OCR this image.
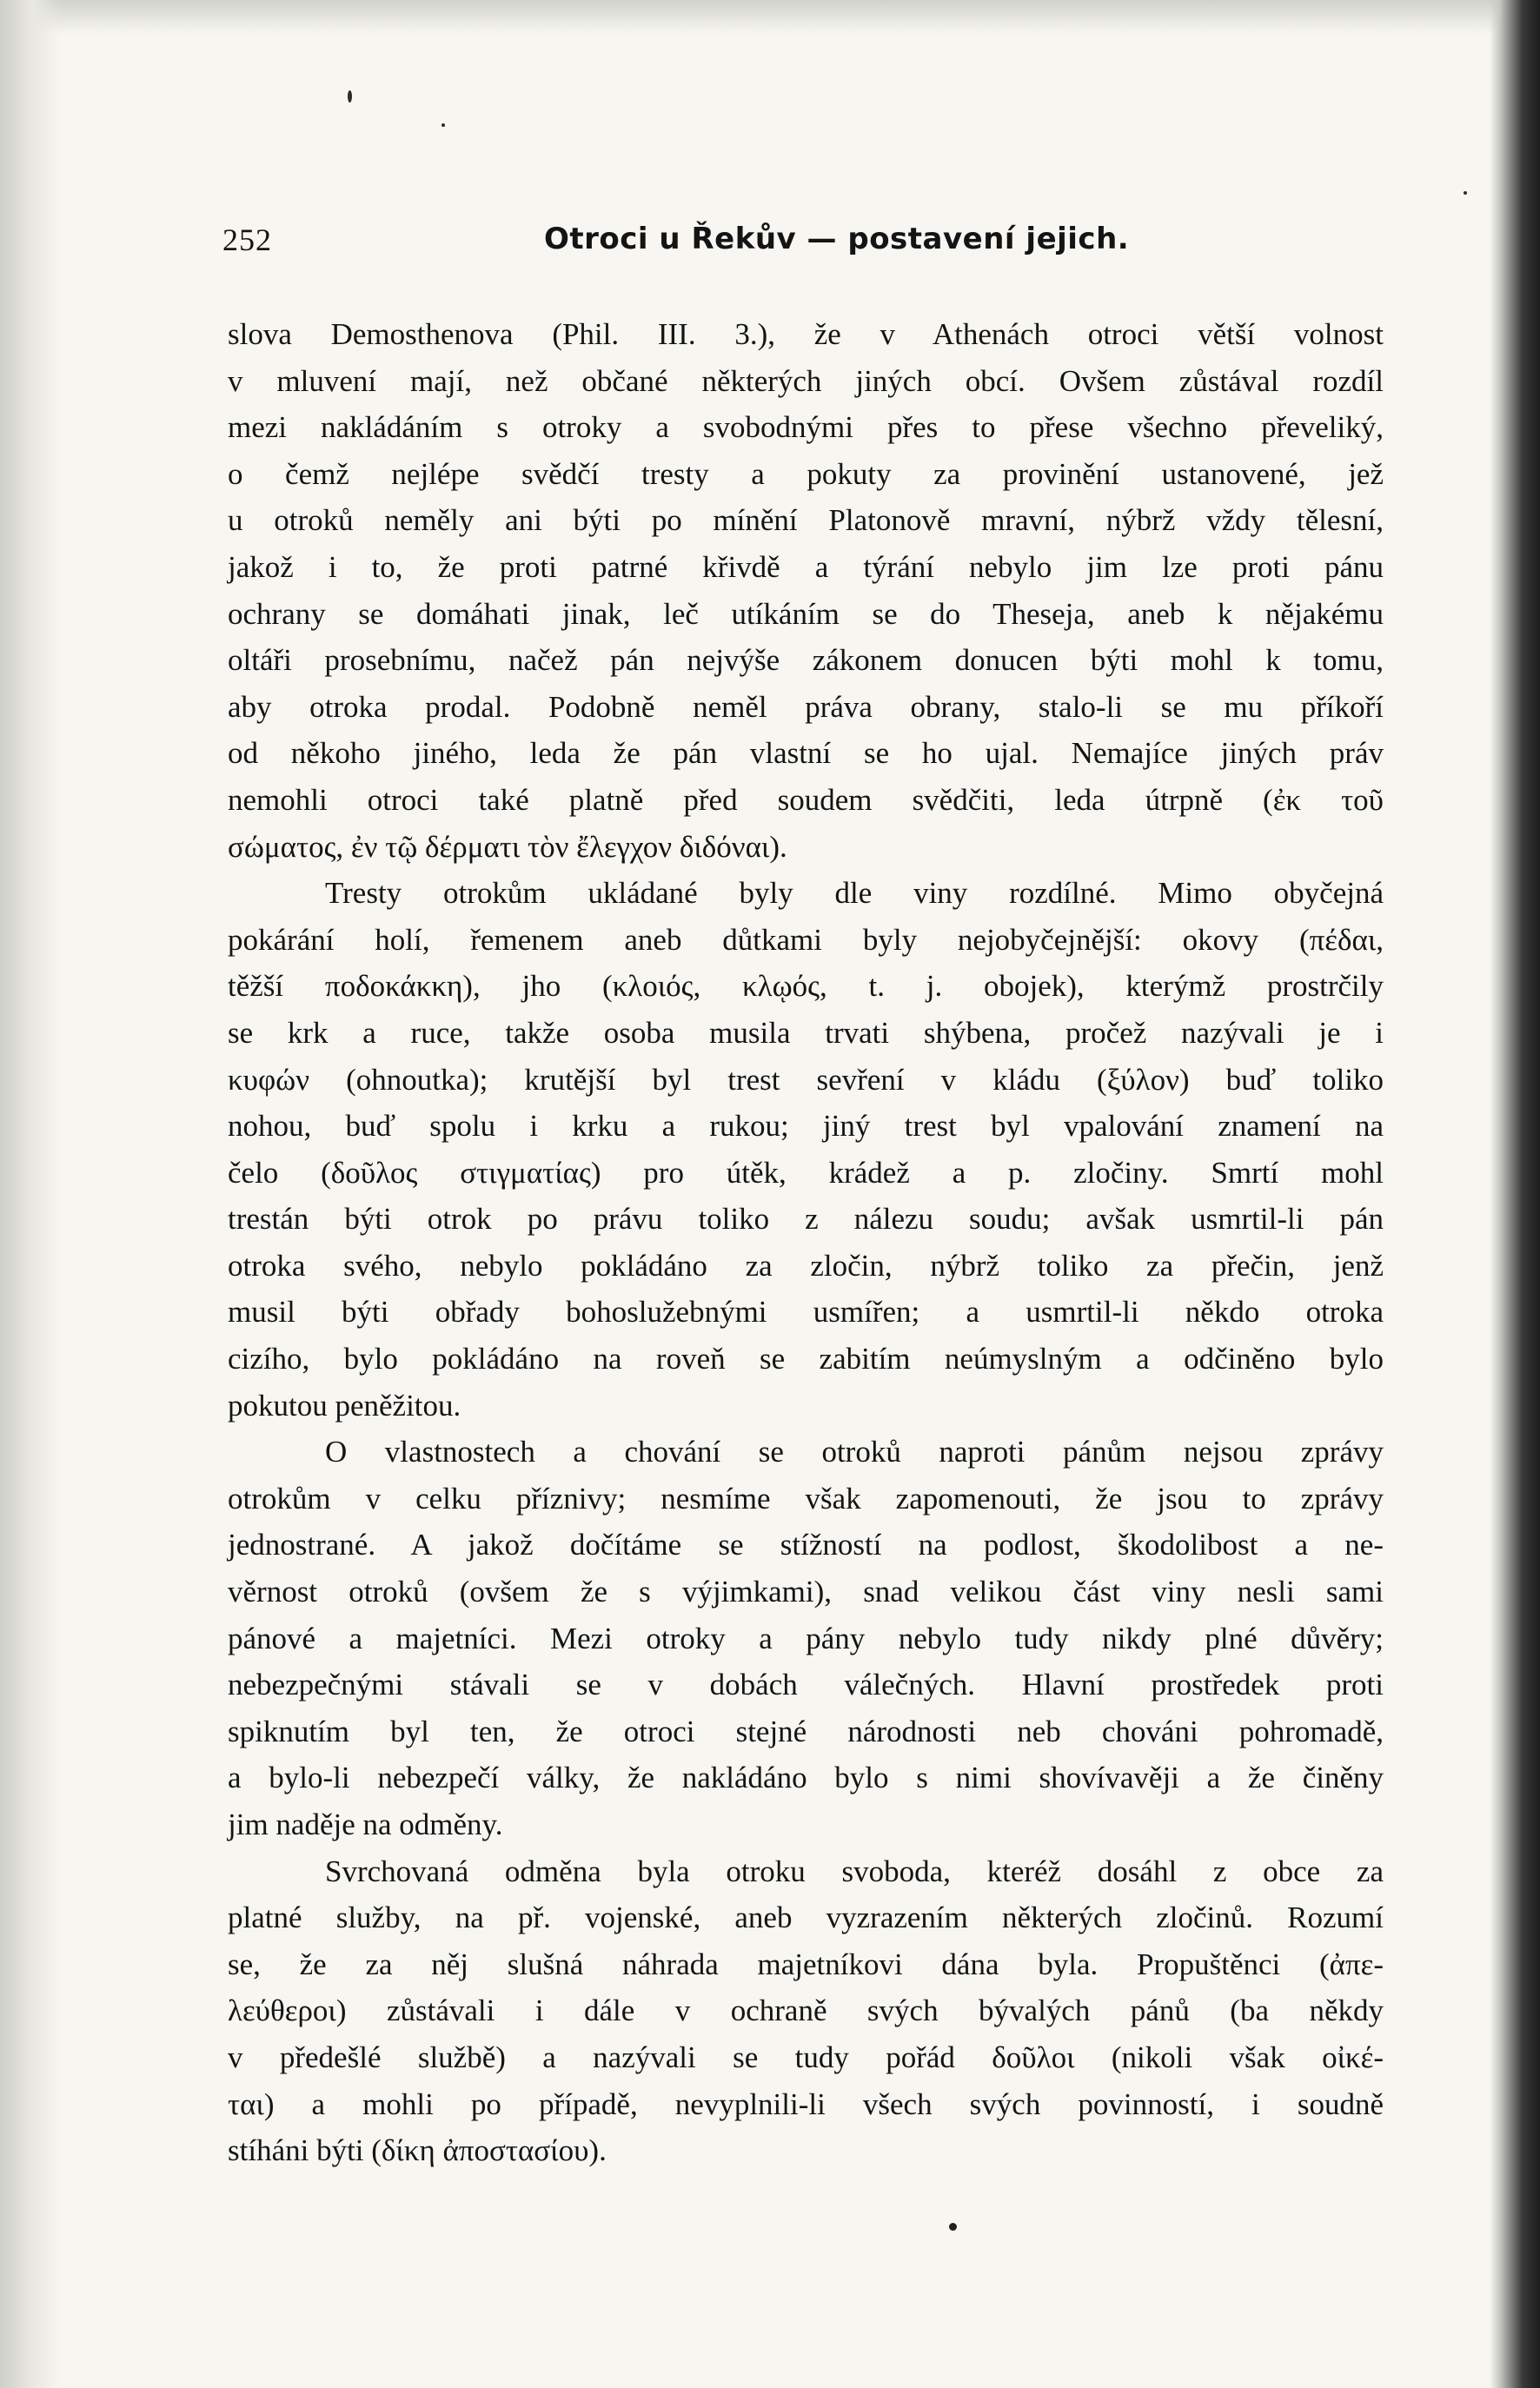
252	Otroci u Řekův — postavení jejich.
slova Demosthenova (Phil. III. 3.), že v Athenách otroci větší volnost
v mluvení mají, než občané některých jiných obcí. Ovšem zůstával rozdíl
mezi nakládáním s otroky a svobodnými přes to přese všechno převeliký,
o čemž nejlépe svědčí tresty a pokuty za provinění ustanovené, jež
u otroků neměly ani býti po mínění Platonově mravní, nýbrž vždy tělesní,
jakož i to, že proti patrné křivdě a týrání nebylo jim lze proti pánu
ochrany se domáhati jinak, leč utíkáním se do Theseja, aneb k nějakému
oltáři prosebnímu, načež pán nejvýše zákonem donucen býti mohl k tomu,
aby otroka prodal. Podobně neměl práva obrany, stalo-li se mu příkoří
od někoho jiného, leda že pán vlastní se ho ujal. Nemajíce jiných práv
nemohli otroci také platně před soudem svědčiti, leda útrpně (ἐκ τοῦ
σώματος, ἐν τῷ δέρματι τὸν ἔλεγχον διδόναι).
Tresty otrokům ukládané byly dle viny rozdílné. Mimo obyčejná
pokárání holí, řemenem aneb důtkami byly nejobyčejnější: okovy (πέδαι,
těžší ποδοκάκκη), jho (κλοιός, κλῳός, t. j. obojek), kterýmž prostrčily
se krk a ruce, takže osoba musila trvati shýbena, pročež nazývali je i
κυφών (ohnoutka); krutější byl trest sevření v kládu (ξύλον) buď toliko
nohou, buď spolu i krku a rukou; jiný trest byl vpalování znamení na
čelo (δοῦλος στιγματίας) pro útěk, krádež a p. zločiny. Smrtí mohl
trestán býti otrok po právu toliko z nálezu soudu; avšak usmrtil-li pán
otroka svého, nebylo pokládáno za zločin, nýbrž toliko za přečin, jenž
musil býti obřady bohoslužebnými usmířen; a usmrtil-li někdo otroka
cizího, bylo pokládáno na roveň se zabitím neúmyslným a odčiněno bylo
pokutou peněžitou.
O vlastnostech a chování se otroků naproti pánům nejsou zprávy
otrokům v celku příznivy; nesmíme však zapomenouti, že jsou to zprávy
jednostrané. A jakož dočítáme se stížností na podlost, škodolibost a ne-
věrnost otroků (ovšem že s výjimkami), snad velikou část viny nesli sami
pánové a majetníci. Mezi otroky a pány nebylo tudy nikdy plné důvěry;
nebezpečnými stávali se v dobách válečných. Hlavní prostředek proti
spiknutím byl ten, že otroci stejné národnosti neb chováni pohromadě,
a bylo-li nebezpečí války, že nakládáno bylo s nimi shovívavěji a že činěny
jim naděje na odměny.
Svrchovaná odměna byla otroku svoboda, kteréž dosáhl z obce za
platné služby, na př. vojenské, aneb vyzrazením některých zločinů. Rozumí
se, že za něj slušná náhrada majetníkovi dána byla. Propuštěnci (ἀπε-
λεύθεροι) zůstávali i dále v ochraně svých bývalých pánů (ba někdy
v předešlé službě) a nazývali se tudy pořád δοῦλοι (nikoli však οἰκέ-
ται) a mohli po případě, nevyplnili-li všech svých povinností, i soudně
stíháni býti (δίκη ἀποστασίου).
